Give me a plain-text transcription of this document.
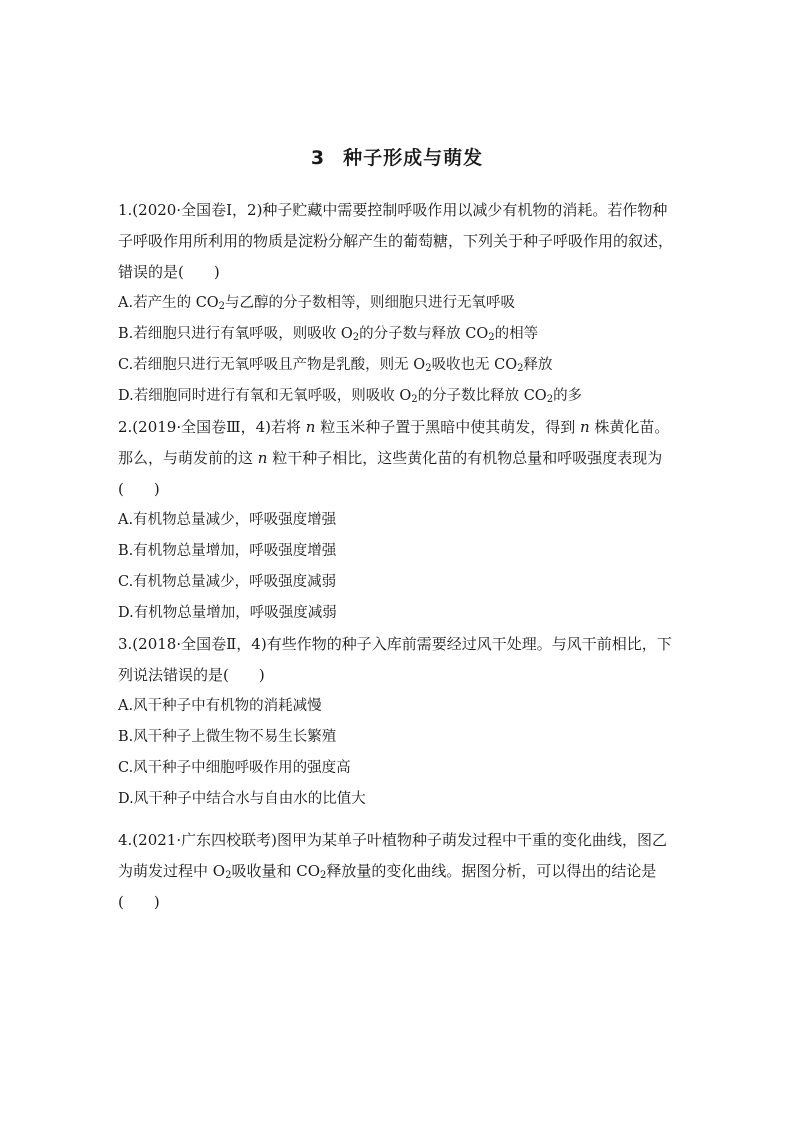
3 种子形成与萌发

1.(2020·全国卷Ⅰ，2)种子贮藏中需要控制呼吸作用以减少有机物的消耗。若作物种子呼吸作用所利用的物质是淀粉分解产生的葡萄糖，下列关于种子呼吸作用的叙述，错误的是(　　)

A.若产生的 $CO_2$与乙醇的分子数相等，则细胞只进行无氧呼吸

B.若细胞只进行有氧呼吸，则吸收 $O_2$的分子数与释放 $CO_2$的相等

C.若细胞只进行无氧呼吸且产物是乳酸，则无 $O_2$吸收也无 $CO_2$释放

D.若细胞同时进行有氧和无氧呼吸，则吸收 $O_2$的分子数比释放 $CO_2$的多

2.(2019·全国卷Ⅲ，4)若将 n 粒玉米种子置于黑暗中使其萌发，得到 n 株黄化苗。那么，与萌发前的这 n 粒干种子相比，这些黄化苗的有机物总量和呼吸强度表现为(　　)

A.有机物总量减少，呼吸强度增强

B.有机物总量增加，呼吸强度增强

C.有机物总量减少，呼吸强度减弱

D.有机物总量增加，呼吸强度减弱

3.(2018·全国卷Ⅱ，4)有些作物的种子入库前需要经过风干处理。与风干前相比，下列说法错误的是(　　)

A.风干种子中有机物的消耗减慢

B.风干种子上微生物不易生长繁殖

C.风干种子中细胞呼吸作用的强度高

D.风干种子中结合水与自由水的比值大

4.(2021·广东四校联考)图甲为某单子叶植物种子萌发过程中干重的变化曲线，图乙为萌发过程中 $O_2$吸收量和 $CO_2$释放量的变化曲线。据图分析，可以得出的结论是(　　)
